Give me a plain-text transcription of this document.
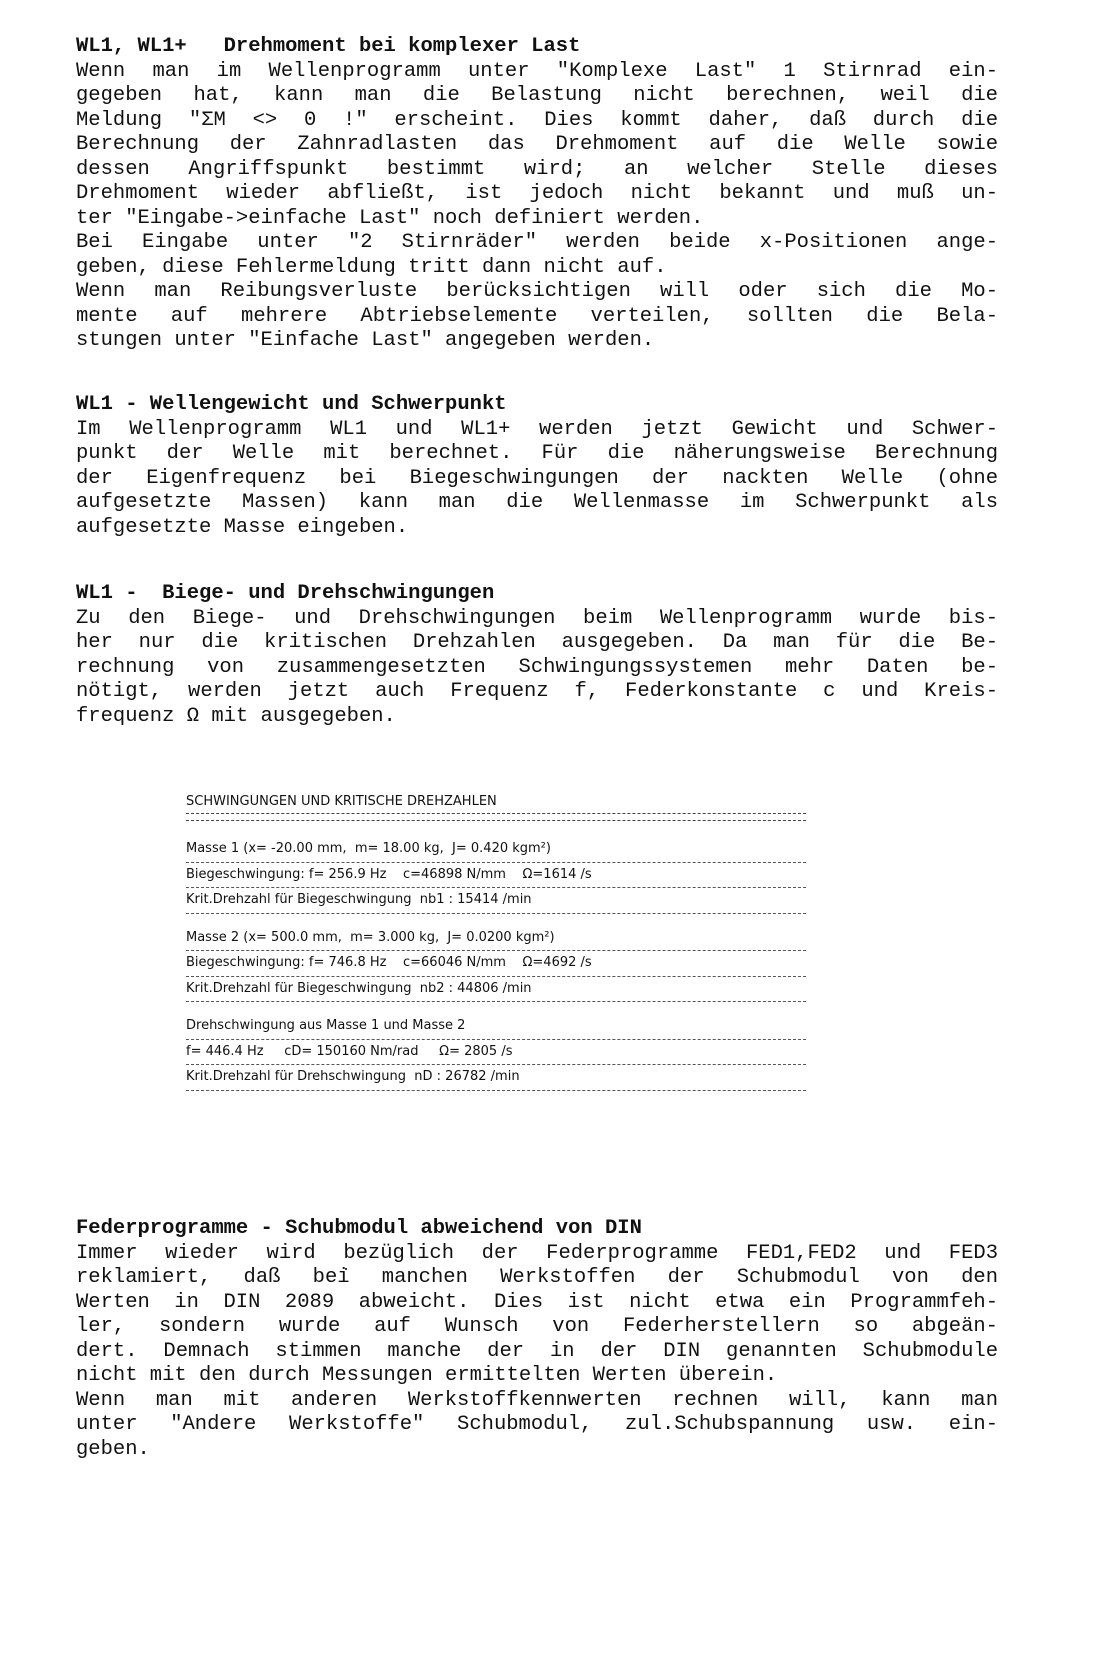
WL1, WL1+   Drehmoment bei komplexer Last
Wenn man im Wellenprogramm unter "Komplexe Last" 1 Stirnrad ein-
gegeben hat, kann man die Belastung nicht berechnen, weil die
Meldung "ΣM <> 0 !" erscheint. Dies kommt daher, daß durch die
Berechnung der Zahnradlasten das Drehmoment auf die Welle sowie
dessen Angriffspunkt bestimmt wird; an welcher Stelle dieses
Drehmoment wieder abfließt, ist jedoch nicht bekannt und muß un-
ter "Eingabe->einfache Last" noch definiert werden.
Bei Eingabe unter "2 Stirnräder" werden beide x-Positionen ange-
geben, diese Fehlermeldung tritt dann nicht auf.
Wenn man Reibungsverluste berücksichtigen will oder sich die Mo-
mente auf mehrere Abtriebselemente verteilen, sollten die Bela-
stungen unter "Einfache Last" angegeben werden.
WL1 - Wellengewicht und Schwerpunkt
Im Wellenprogramm WL1 und WL1+ werden jetzt Gewicht und Schwer-
punkt der Welle mit berechnet. Für die näherungsweise Berechnung
der Eigenfrequenz bei Biegeschwingungen der nackten Welle (ohne
aufgesetzte Massen) kann man die Wellenmasse im Schwerpunkt als
aufgesetzte Masse eingeben.
WL1 -  Biege- und Drehschwingungen
Zu den Biege- und Drehschwingungen beim Wellenprogramm wurde bis-
her nur die kritischen Drehzahlen ausgegeben. Da man für die Be-
rechnung von zusammengesetzten Schwingungssystemen mehr Daten be-
nötigt, werden jetzt auch Frequenz f, Federkonstante c und Kreis-
frequenz Ω mit ausgegeben.
SCHWINGUNGEN UND KRITISCHE DREHZAHLEN
Masse 1 (x= -20.00 mm,  m= 18.00 kg,  J= 0.420 kgm²)
Biegeschwingung: f= 256.9 Hz    c=46898 N/mm    Ω=1614 /s
Krit.Drehzahl für Biegeschwingung  nb1 : 15414 /min
Masse 2 (x= 500.0 mm,  m= 3.000 kg,  J= 0.0200 kgm²)
Biegeschwingung: f= 746.8 Hz    c=66046 N/mm    Ω=4692 /s
Krit.Drehzahl für Biegeschwingung  nb2 : 44806 /min
Drehschwingung aus Masse 1 und Masse 2
f= 446.4 Hz     cD= 150160 Nm/rad     Ω= 2805 /s
Krit.Drehzahl für Drehschwingung  nD : 26782 /min
Federprogramme - Schubmodul abweichend von DIN
Immer wieder wird bezüglich der Federprogramme FED1,FED2 und FED3
reklamiert, daß bei manchen Werkstoffen der Schubmodul von den
Werten in DIN 2089 abweicht. Dies ist nicht etwa ein Programmfeh-
ler, sondern wurde auf Wunsch von Federherstellern so abgeän-
dert. Demnach stimmen manche der in der DIN genannten Schubmodule
nicht mit den durch Messungen ermittelten Werten überein.
Wenn man mit anderen Werkstoffkennwerten rechnen will, kann man
unter "Andere Werkstoffe" Schubmodul, zul.Schubspannung usw. ein-
geben.
